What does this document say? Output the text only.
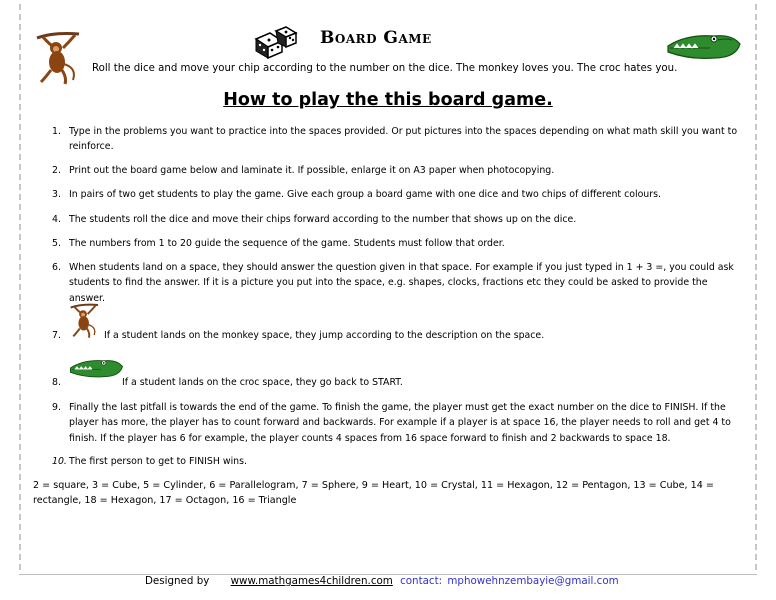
Board Game
Roll the dice and move your chip according to the number on the dice. The monkey loves you. The croc hates you.
How to play the this board game.
1. Type in the problems you want to practice into the spaces provided. Or put pictures into the spaces depending on what math skill you want to reinforce.
2. Print out the board game below and laminate it. If possible, enlarge it on A3 paper when photocopying.
3. In pairs of two get students to play the game. Give each group a board game with one dice and two chips of different colours.
4. The students roll the dice and move their chips forward according to the number that shows up on the dice.
5. The numbers from 1 to 20 guide the sequence of the game. Students must follow that order.
6. When students land on a space, they should answer the question given in that space. For example if you just typed in 1 + 3 =, you could ask students to find the answer. If it is a picture you put into the space, e.g. shapes, clocks, fractions etc they could be asked to provide the answer.
7.	If a student lands on the monkey space, they jump according to the description on the space.
8.	If a student lands on the croc space, they go back to START.
9. Finally the last pitfall is towards the end of the game. To finish the game, the player must get the exact number on the dice to FINISH. If the player has more, the player has to count forward and backwards. For example if a player is at space 16, the player needs to roll and get 4 to finish. If the player has 6 for example, the player counts 4 spaces from 16 space forward to finish and 2 backwards to space 18.
10. The first person to get to FINISH wins.
2 = square, 3 = Cube, 5 = Cylinder, 6 = Parallelogram, 7 = Sphere, 9 = Heart, 10 = Crystal, 11 = Hexagon, 12 = Pentagon, 13 = Cube, 14 = rectangle, 18 = Hexagon, 17 = Octagon, 16 = Triangle
Designed by www.mathgames4children.com contact: mphowehnzembayie@gmail.com
